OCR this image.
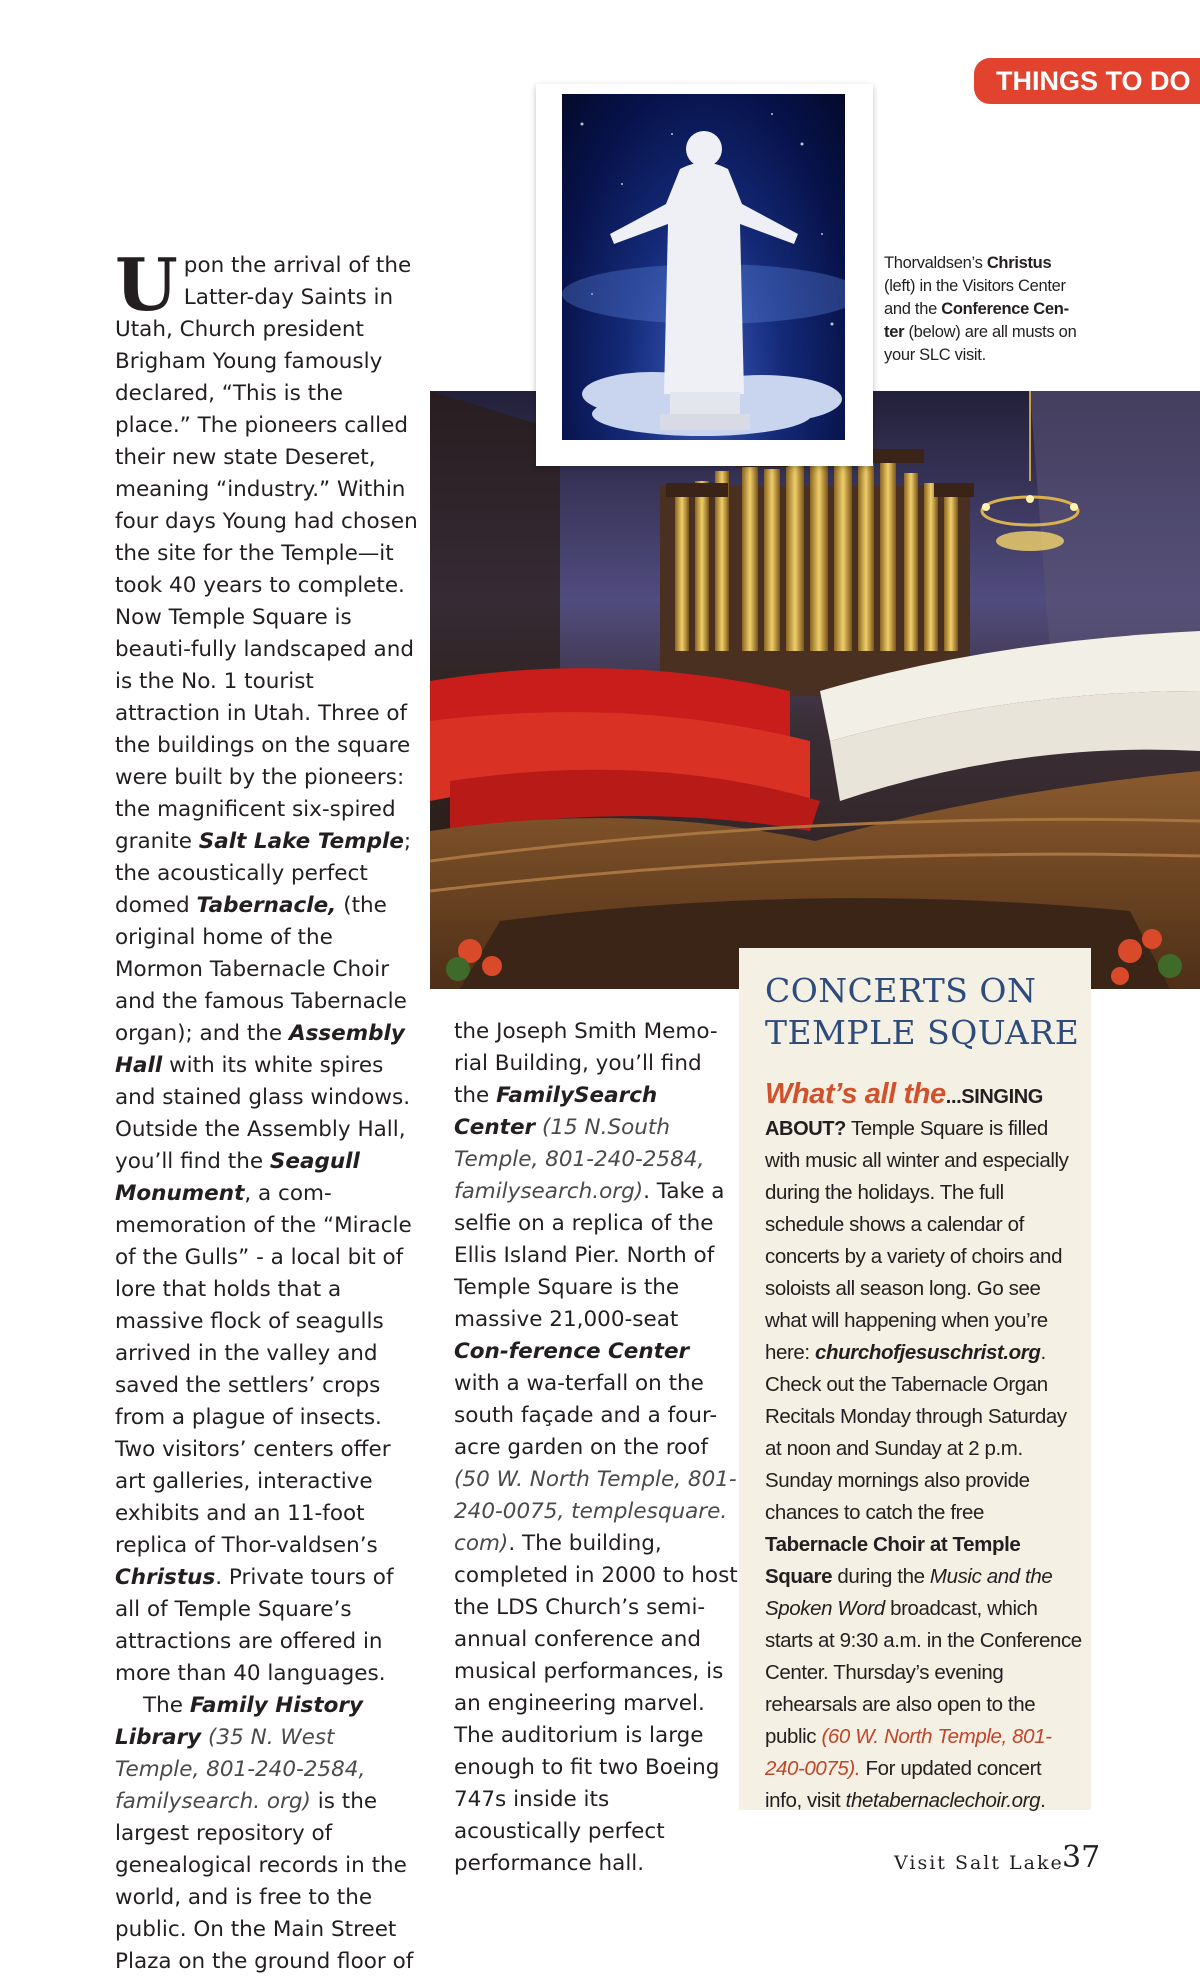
THINGS TO DO
Thorvaldsen’s Christus (left) in the Visitors Center and the Conference Cen-ter (below) are all musts on your SLC visit.

Upon the arrival of the Latter-day Saints in Utah, Church president Brigham Young famously declared, “This is the place.” The pioneers called their new state Deseret, meaning “industry.” Within four days Young had chosen the site for the Temple—it took 40 years to complete.

Now Temple Square is beauti-fully landscaped and is the No. 1 tourist attraction in Utah. Three of the buildings on the square were built by the pioneers: the magnificent six-spired granite Salt Lake Temple; the acoustically perfect domed Tabernacle, (the original home of the Mormon Tabernacle Choir and the famous Tabernacle organ); and the Assembly Hall with its white spires and stained glass windows. Outside the Assembly Hall, you’ll find the Seagull Monument, a com-memoration of the “Miracle of the Gulls” - a local bit of lore that holds that a massive flock of seagulls arrived in the valley and saved the settlers’ crops from a plague of insects. Two visitors’ centers offer art galleries, interactive exhibits and an 11-foot replica of Thor-valdsen’s Christus. Private tours of all of Temple Square’s attractions are offered in more than 40 languages.

The Family History Library (35 N. West Temple, 801-240-2584, familysearch. org) is the largest repository of genealogical records in the world, and is free to the public. On the Main Street Plaza on the ground floor of

the Joseph Smith Memo-rial Building, you’ll find the FamilySearch Center (15 N.South Temple, 801-240-2584, familysearch.org). Take a selfie on a replica of the Ellis Island Pier. North of Temple Square is the massive 21,000-seat Con-ference Center with a wa-terfall on the south façade and a four-acre garden on the roof (50 W. North Temple, 801-240-0075, templesquare. com). The building, completed in 2000 to host the LDS Church’s semi-annual conference and musical performances, is an engineering marvel. The auditorium is large enough to fit two Boeing 747s inside its acoustically perfect performance hall.

CONCERTS ON TEMPLE SQUARE

What’s all the...SINGING ABOUT? Temple Square is filled with music all winter and especially during the holidays. The full schedule shows a calendar of concerts by a variety of choirs and soloists all season long. Go see what will happening when you’re here: churchofjesuschrist.org. Check out the Tabernacle Organ Recitals Monday through Saturday at noon and Sunday at 2 p.m. Sunday mornings also provide chances to catch the free Tabernacle Choir at Temple Square during the Music and the Spoken Word broadcast, which starts at 9:30 a.m. in the Conference Center. Thursday’s evening rehearsals are also open to the public (60 W. North Temple, 801-240-0075). For updated concert info, visit thetabernaclechoir.org.

Visit Salt Lake
37
